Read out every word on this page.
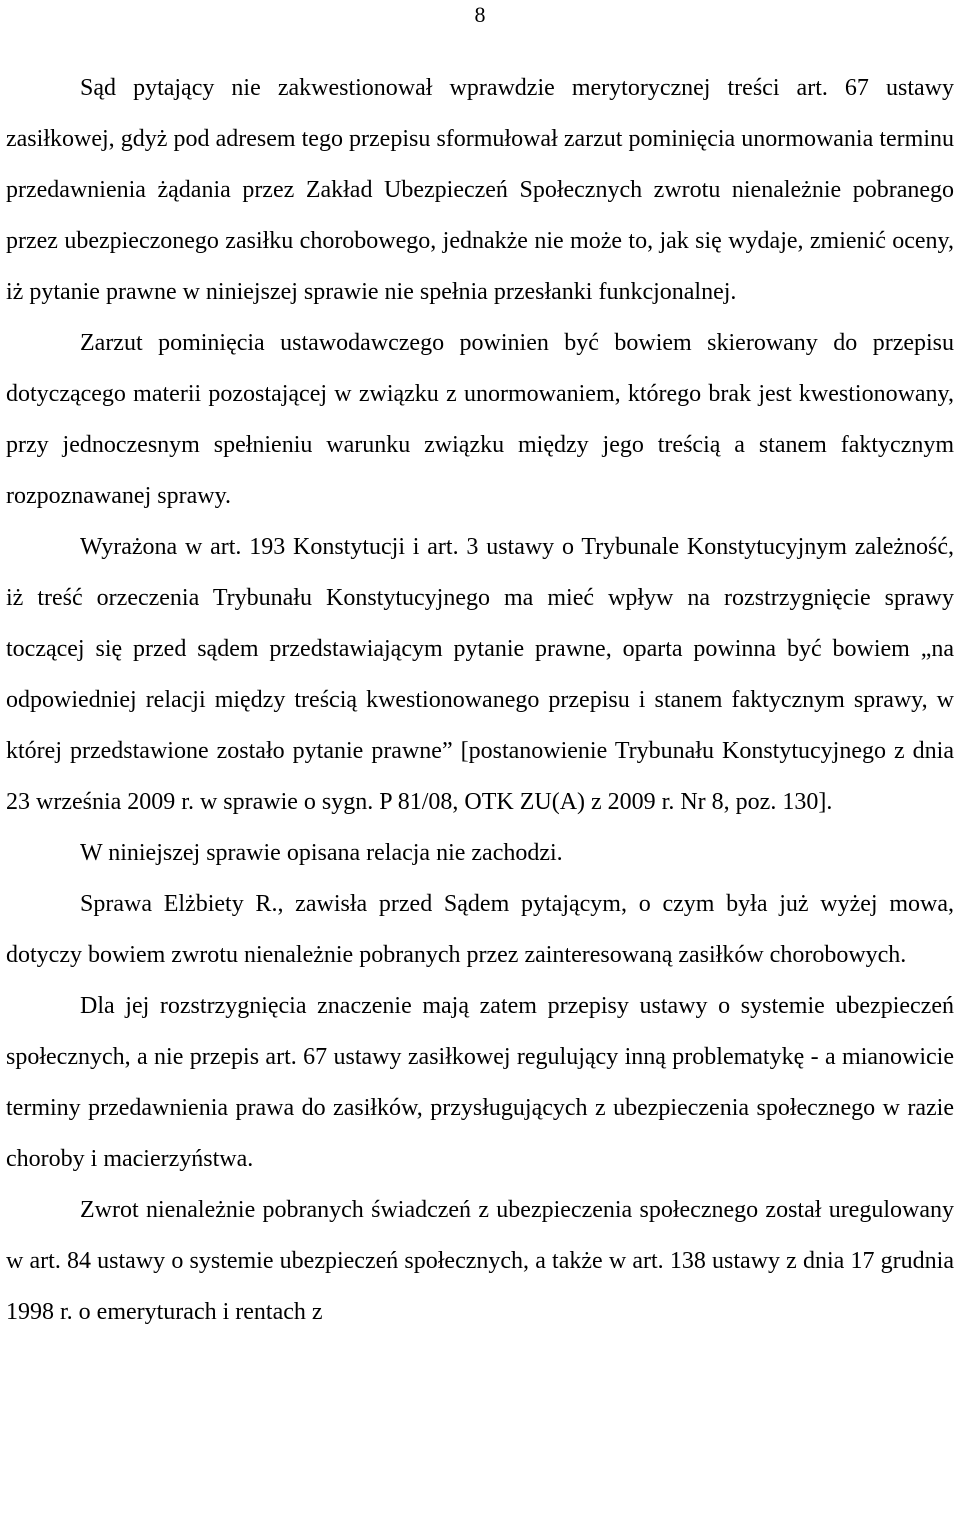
8

Sąd pytający nie zakwestionował wprawdzie merytorycznej treści art. 67 ustawy zasiłkowej, gdyż pod adresem tego przepisu sformułował zarzut pominięcia unormowania terminu przedawnienia żądania przez Zakład Ubezpieczeń Społecznych zwrotu nienależnie pobranego przez ubezpieczonego zasiłku chorobowego, jednakże nie może to, jak się wydaje, zmienić oceny, iż pytanie prawne w niniejszej sprawie nie spełnia przesłanki funkcjonalnej.

Zarzut pominięcia ustawodawczego powinien być bowiem skierowany do przepisu dotyczącego materii pozostającej w związku z unormowaniem, którego brak jest kwestionowany, przy jednoczesnym spełnieniu warunku związku między jego treścią a stanem faktycznym rozpoznawanej sprawy.

Wyrażona w art. 193 Konstytucji i art. 3 ustawy o Trybunale Konstytucyjnym zależność, iż treść orzeczenia Trybunału Konstytucyjnego ma mieć wpływ na rozstrzygnięcie sprawy toczącej się przed sądem przedstawiającym pytanie prawne, oparta powinna być bowiem „na odpowiedniej relacji między treścią kwestionowanego przepisu i stanem faktycznym sprawy, w której przedstawione zostało pytanie prawne” [postanowienie Trybunału Konstytucyjnego z dnia 23 września 2009 r. w sprawie o sygn. P 81/08, OTK ZU(A) z 2009 r. Nr 8, poz. 130].

W niniejszej sprawie opisana relacja nie zachodzi.

Sprawa Elżbiety R., zawisła przed Sądem pytającym, o czym była już wyżej mowa, dotyczy bowiem zwrotu nienależnie pobranych przez zainteresowaną zasiłków chorobowych.

Dla jej rozstrzygnięcia znaczenie mają zatem przepisy ustawy o systemie ubezpieczeń społecznych, a nie przepis art. 67 ustawy zasiłkowej regulujący inną problematykę - a mianowicie terminy przedawnienia prawa do zasiłków, przysługujących z ubezpieczenia społecznego w razie choroby i macierzyństwa.

Zwrot nienależnie pobranych świadczeń z ubezpieczenia społecznego został uregulowany w art. 84 ustawy o systemie ubezpieczeń społecznych, a także w art. 138 ustawy z dnia 17 grudnia 1998 r. o emeryturach i rentach z
